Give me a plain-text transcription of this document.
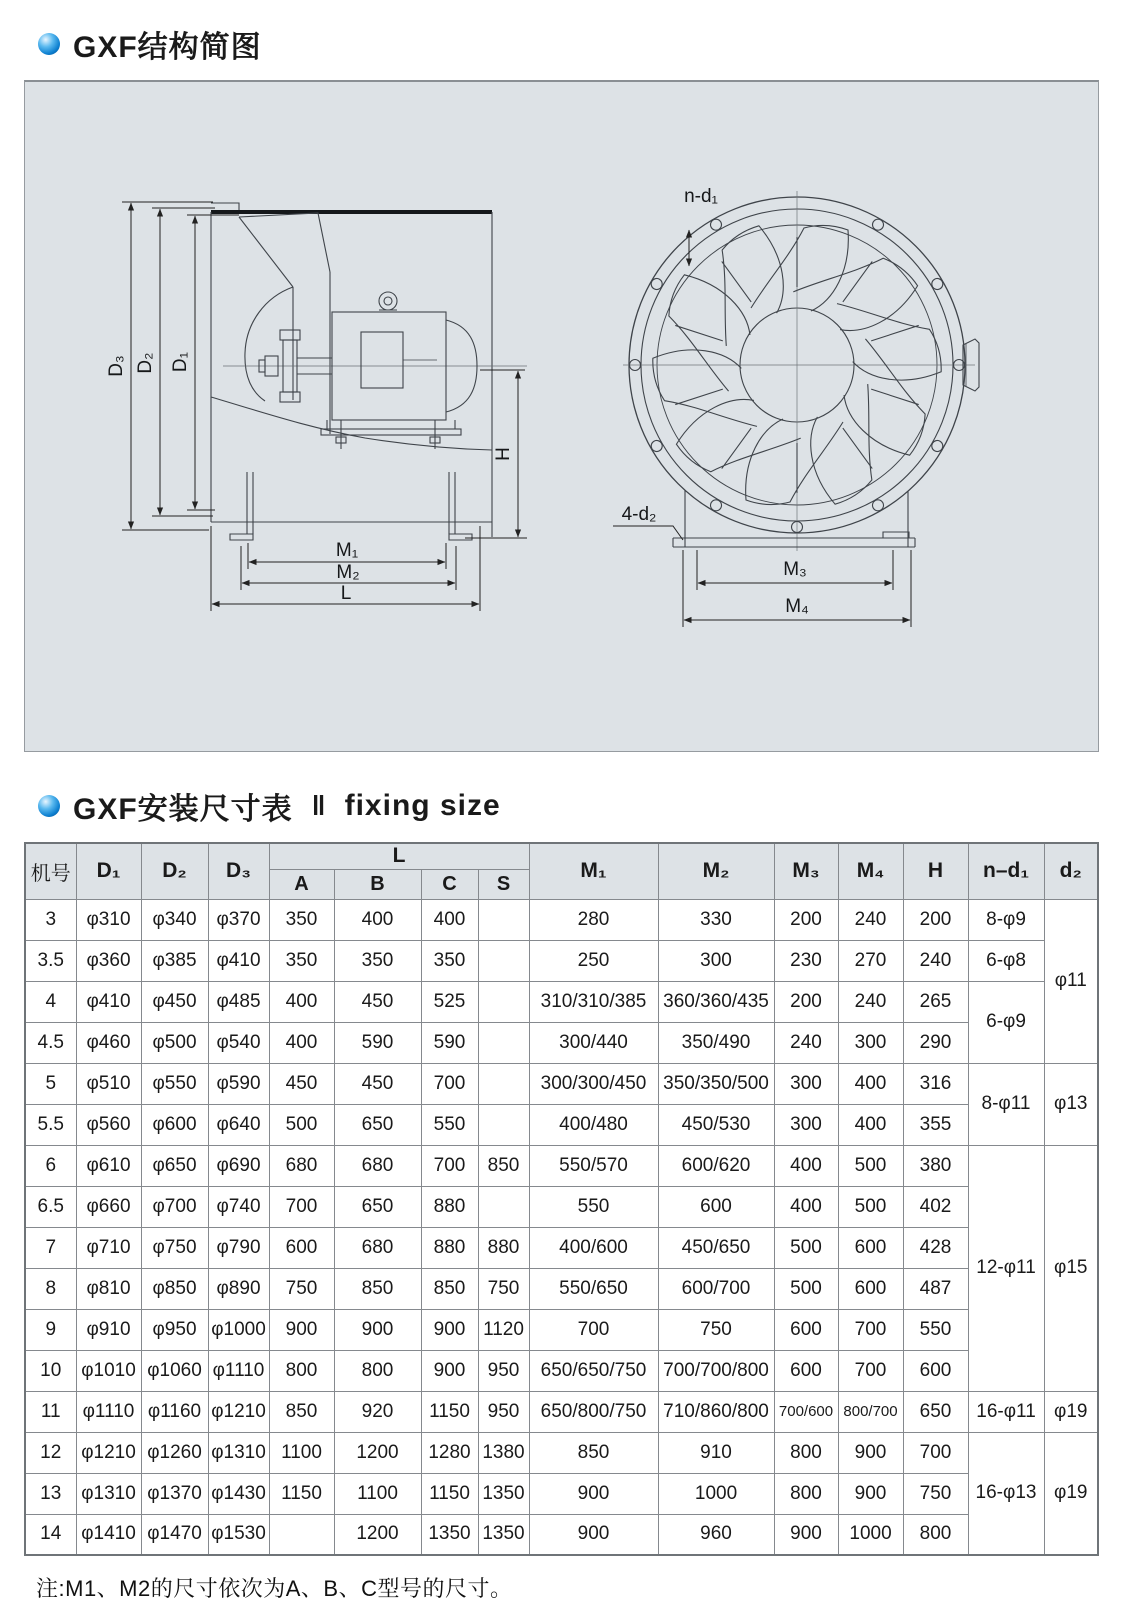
GXF结构简图
D₃ D₂ D₁
H
M₁
M₂
L
n-d₁
4-d₂
M₃
M₄
GXF安装尺寸表 ‖ fixing size
机号	D₁	D₂	D₃	L				M₁	M₂	M₃	M₄	H	n–d₁	d₂
				A	B	C	S							
3	φ310	φ340	φ370	350	400	400		280	330	200	240	200	8-φ9	φ11
3.5	φ360	φ385	φ410	350	350	350		250	300	230	270	240	6-φ8	
4	φ410	φ450	φ485	400	450	525		310/310/385	360/360/435	200	240	265	6-φ9	
4.5	φ460	φ500	φ540	400	590	590		300/440	350/490	240	300	290		
5	φ510	φ550	φ590	450	450	700		300/300/450	350/350/500	300	400	316	8-φ11	φ13
5.5	φ560	φ600	φ640	500	650	550		400/480	450/530	300	400	355		
6	φ610	φ650	φ690	680	680	700	850	550/570	600/620	400	500	380	12-φ11	φ15
6.5	φ660	φ700	φ740	700	650	880		550	600	400	500	402		
7	φ710	φ750	φ790	600	680	880	880	400/600	450/650	500	600	428		
8	φ810	φ850	φ890	750	850	850	750	550/650	600/700	500	600	487		
9	φ910	φ950	φ1000	900	900	900	1120	700	750	600	700	550		
10	φ1010	φ1060	φ1110	800	800	900	950	650/650/750	700/700/800	600	700	600		
11	φ1110	φ1160	φ1210	850	920	1150	950	650/800/750	710/860/800	700/600	800/700	650	16-φ11	φ19
12	φ1210	φ1260	φ1310	1100	1200	1280	1380	850	910	800	900	700	16-φ13	φ19
13	φ1310	φ1370	φ1430	1150	1100	1150	1350	900	1000	800	900	750		
14	φ1410	φ1470	φ1530		1200	1350	1350	900	960	900	1000	800		
注:M1、M2的尺寸依次为A、B、C型号的尺寸。
